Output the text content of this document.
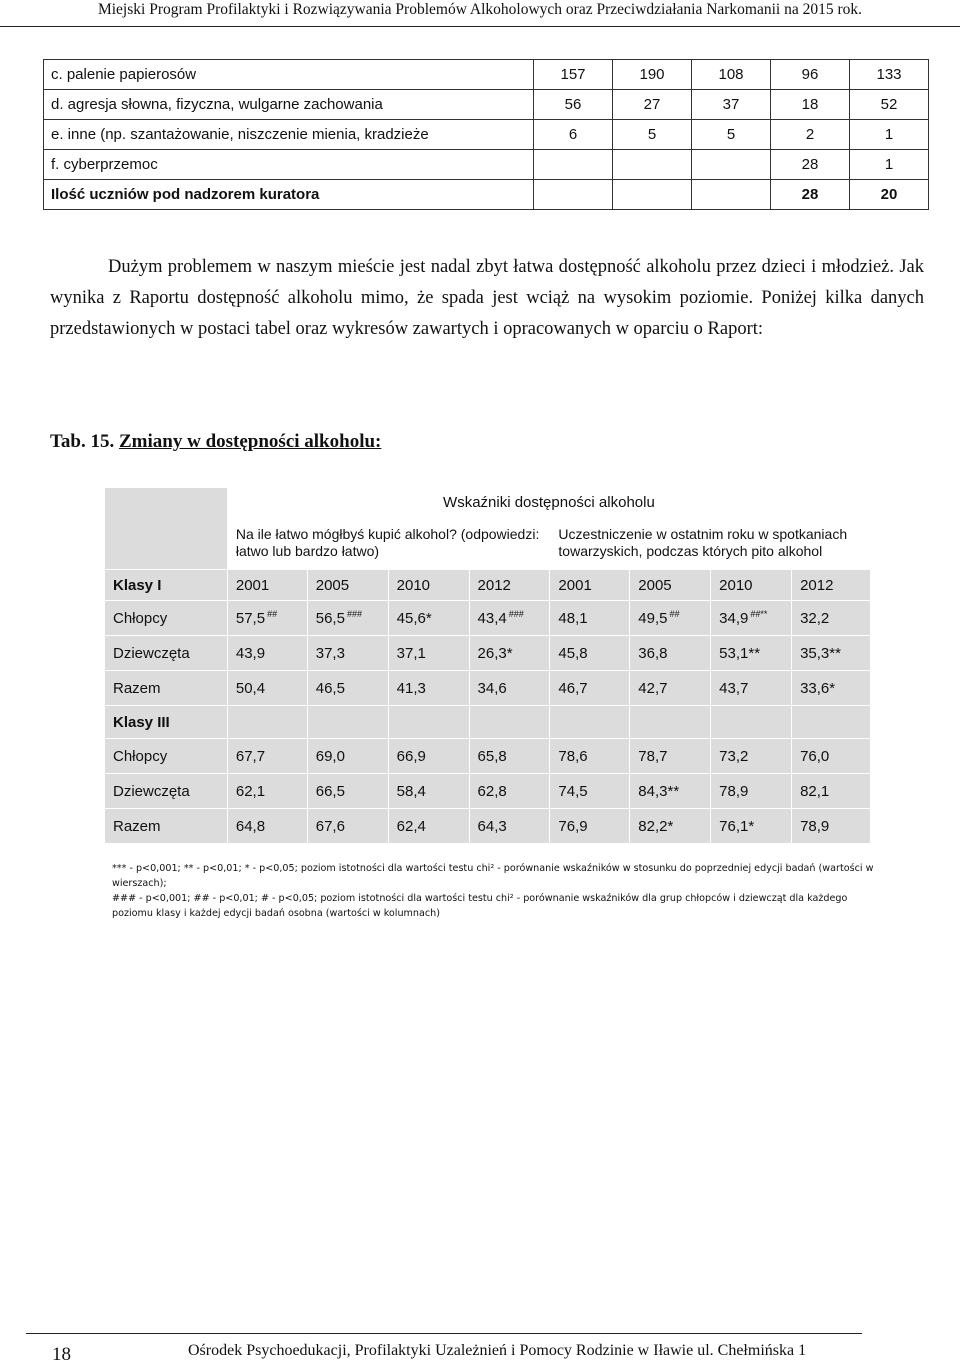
Miejski Program Profilaktyki i Rozwiązywania Problemów Alkoholowych oraz Przeciwdziałania Narkomanii na 2015 rok.
c. palenie papierosów	157	190	108	96	133
d. agresja słowna, fizyczna, wulgarne zachowania	56	27	37	18	52
e. inne (np. szantażowanie, niszczenie mienia, kradzieże	6	5	5	2	1
f. cyberprzemoc				28	1
Ilość uczniów pod nadzorem kuratora				28	20

Dużym problemem w naszym mieście jest nadal zbyt łatwa dostępność alkoholu przez dzieci i młodzież. Jak wynika z Raportu dostępność alkoholu mimo, że spada jest wciąż na wysokim poziomie. Poniżej kilka danych przedstawionych w postaci tabel oraz wykresów zawartych i opracowanych w oparciu o Raport:

Tab. 15. Zmiany w dostępności alkoholu:
	Wskaźniki dostępności alkoholu							
	Na ile łatwo mógłbyś kupić alkohol? (odpowiedzi: łatwo lub bardzo łatwo)				Uczestniczenie w ostatnim roku w spotkaniach towarzyskich, podczas których pito alkohol			
Klasy I	2001	2005	2010	2012	2001	2005	2010	2012
Chłopcy	57,5 ##	56,5 ###	45,6*	43,4 ###	48,1	49,5 ##	34,9 ##**	32,2
Dziewczęta	43,9	37,3	37,1	26,3*	45,8	36,8	53,1**	35,3**
Razem	50,4	46,5	41,3	34,6	46,7	42,7	43,7	33,6*
Klasy III								
Chłopcy	67,7	69,0	66,9	65,8	78,6	78,7	73,2	76,0
Dziewczęta	62,1	66,5	58,4	62,8	74,5	84,3**	78,9	82,1
Razem	64,8	67,6	62,4	64,3	76,9	82,2*	76,1*	78,9

*** - p<0,001; ** - p<0,01; * - p<0,05; poziom istotności dla wartości testu chi² - porównanie wskaźników w stosunku do poprzedniej edycji badań (wartości w wierszach);

### - p<0,001; ## - p<0,01; # - p<0,05; poziom istotności dla wartości testu chi² - porównanie wskaźników dla grup chłopców i dziewcząt dla każdego poziomu klasy i każdej edycji badań osobna (wartości w kolumnach)

18	Ośrodek Psychoedukacji, Profilaktyki Uzależnień i Pomocy Rodzinie w Iławie ul. Chełmińska 1
